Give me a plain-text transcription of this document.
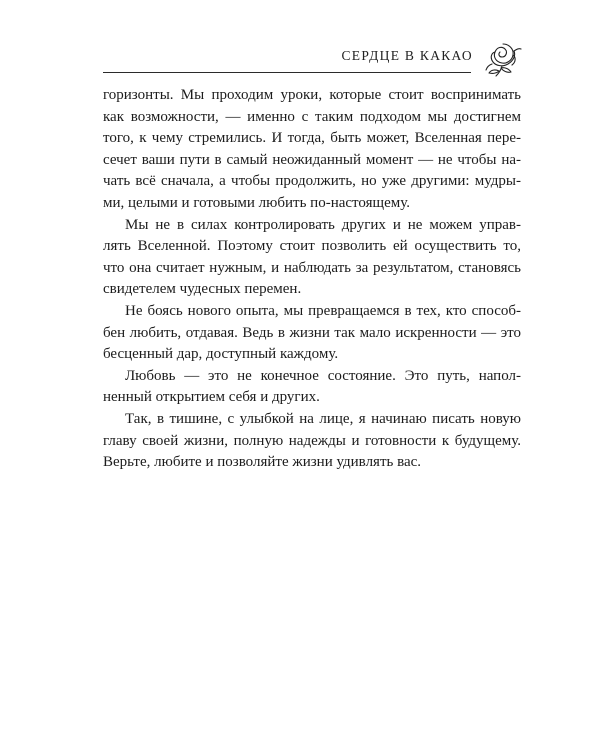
СЕРДЦЕ В КАКАО
горизонты. Мы проходим уроки, которые стоит воспринимать
как возможности, — именно с таким подходом мы достигнем
того, к чему стремились. И тогда, быть может, Вселенная пере-
сечет ваши пути в самый неожиданный момент — не чтобы на-
чать всё сначала, а чтобы продолжить, но уже другими: мудры-
ми, целыми и готовыми любить по-настоящему.
Мы не в силах контролировать других и не можем управ-
лять Вселенной. Поэтому стоит позволить ей осуществить то,
что она считает нужным, и наблюдать за результатом, становясь
свидетелем чудесных перемен.
Не боясь нового опыта, мы превращаемся в тех, кто способ-
бен любить, отдавая. Ведь в жизни так мало искренности — это
бесценный дар, доступный каждому.
Любовь — это не конечное состояние. Это путь, напол-
ненный открытием себя и других.
Так, в тишине, с улыбкой на лице, я начинаю писать новую
главу своей жизни, полную надежды и готовности к будущему.
Верьте, любите и позволяйте жизни удивлять вас.
